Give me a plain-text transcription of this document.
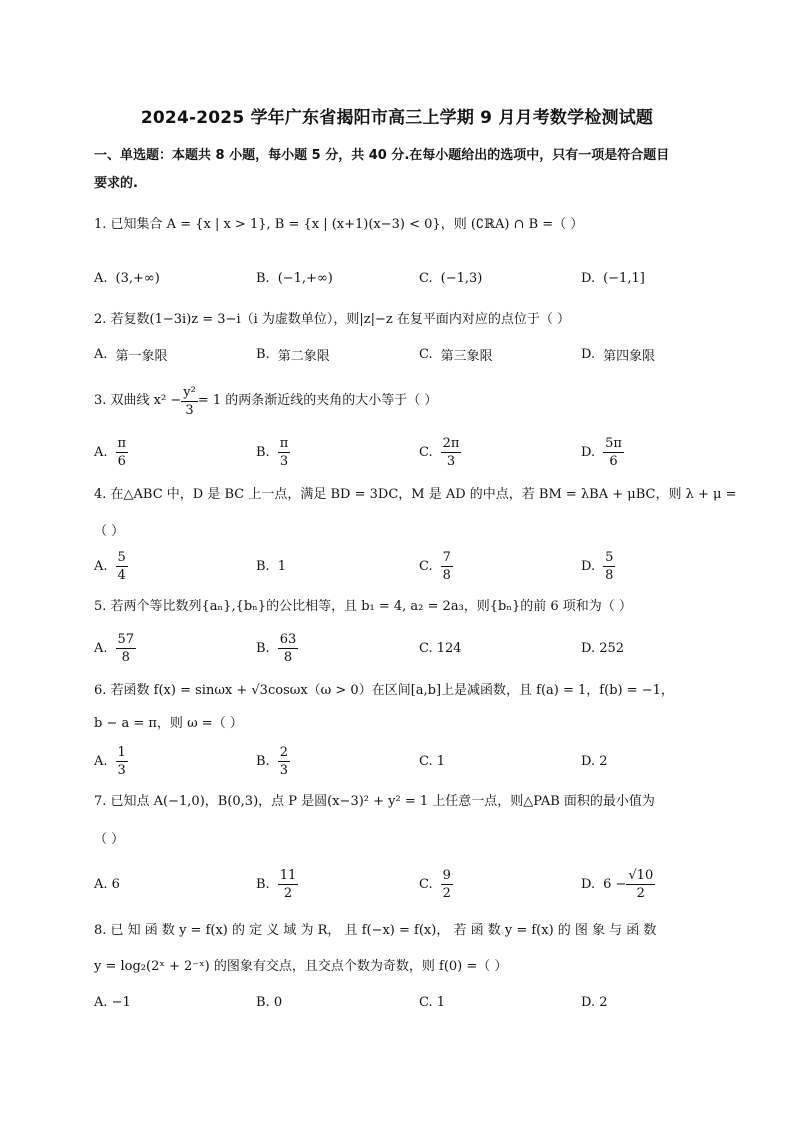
2024-2025 学年广东省揭阳市高三上学期 9 月月考数学检测试题
一、单选题：本题共 8 小题，每小题 5 分，共 40 分.在每小题给出的选项中，只有一项是符合题目
要求的.
1. 已知集合 A = {x | x > 1}, B = {x | (x+1)(x−3) < 0}，则 (∁ℝA) ∩ B =（ ）
A. (3,+∞)	B. (−1,+∞)	C. (−1,3)	D. (−1,1]
2. 若复数(1−3i)z = 3−i（i 为虚数单位），则|z|−z 在复平面内对应的点位于（ ）
A. 第一象限	B. 第二象限	C. 第三象限	D. 第四象限
3. 双曲线 $x^2 - \frac{\text{y²}}{3} = 1$ 的两条渐近线的夹角的大小等于（ ）
A. $\frac{\pi}{6}$	B. $\frac{\pi}{3}$	C. $\frac{2\pi}{3}$	D. $\frac{5\pi}{6}$
4. 在△ABC 中，D 是 BC 上一点，满足 BD = 3DC，M 是 AD 的中点，若 BM = λBA + μBC，则 λ + μ =
（ ）
A. $\frac{5}{4}$	B. 1	C. $\frac{7}{8}$	D. $\frac{5}{8}$
5. 若两个等比数列{aₙ},{bₙ}的公比相等，且 b₁ = 4, a₂ = 2a₃，则{bₙ}的前 6 项和为（ ）
A. $\frac{57}{8}$	B. $\frac{63}{8}$	C. 124	D. 252
6. 若函数 f(x) = sinωx + √3cosωx（ω > 0）在区间[a,b]上是减函数，且 f(a) = 1，f(b) = −1，
b − a = π，则 ω =（ ）
A. $\frac{1}{3}$	B. $\frac{2}{3}$	C. 1	D. 2
7. 已知点 A(−1,0)，B(0,3)，点 P 是圆(x−3)² + y² = 1 上任意一点，则△PAB 面积的最小值为
（ ）
A. 6	B. $\frac{11}{2}$	C. $\frac{9}{2}$	D. $6 - \frac{√10}{2}$
8. 已 知 函 数 y = f(x) 的 定 义 域 为 R， 且 f(−x) = f(x)， 若 函 数 y = f(x) 的 图 象 与 函 数
y = log₂(2ˣ + 2⁻ˣ) 的图象有交点，且交点个数为奇数，则 f(0) =（ ）
A. −1	B. 0	C. 1	D. 2
